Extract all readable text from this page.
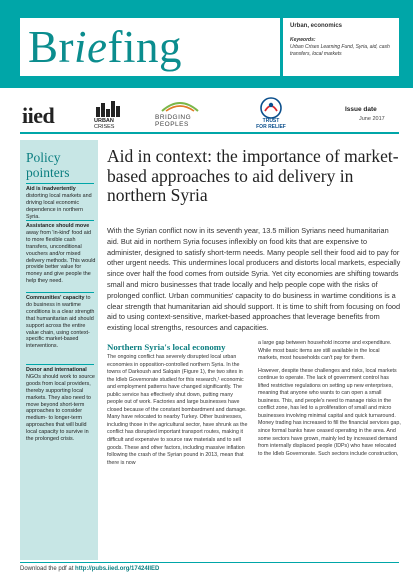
Briefing	Urban, economics
Keywords:
Urban Crises Learning Fund, Syria, aid, cash transfers, local markets
iied	URBAN
CRISES
BRIDGING
PEOPLES	TRUST
FOR RELIEF
Issue date
June 2017
Policy pointers
Aid is inadvertently distorting local markets and driving local economic dependence in northern Syria.
Assistance should move away from 'in-kind' food aid to more flexible cash transfers, unconditional vouchers and/or mixed delivery methods. This would provide better value for money and give people the help they need.
Communities' capacity to do business in wartime conditions is a clear strength that humanitarian aid should support across the entire value chain, using context-specific market-based interventions.
Donor and international NGOs should work to source goods from local providers, thereby supporting local markets. They also need to move beyond short-term approaches to consider medium- to longer-term approaches that will build local capacity to survive in the prolonged crisis.
Aid in context: the importance of market-based approaches to aid delivery in northern Syria
With the Syrian conflict now in its seventh year, 13.5 million Syrians need humanitarian aid. But aid in northern Syria focuses inflexibly on food kits that are expensive to administer, designed to satisfy short-term needs. Many people sell their food aid to pay for other urgent needs. This undermines local producers and distorts local markets, especially since over half the food comes from outside Syria. Yet city economies are shifting towards small and micro businesses that trade locally and help people cope with the risks of prolonged conflict. Urban communities' capacity to do business in wartime conditions is a clear strength that humanitarian aid should support. It is time to shift from focusing on food aid to using context-sensitive, market-based approaches that leverage benefits from existing local strengths, resources and capacities.
Northern Syria's local economy

The ongoing conflict has severely disrupted local urban economies in opposition-controlled northern Syria. In the towns of Darkoush and Salqain (Figure 1), the two sites in the Idleb Governorate studied for this research,¹ economic and employment patterns have changed significantly. The public service has effectively shut down, putting many people out of work. Factories and large businesses have closed because of the constant bombardment and damage. Many have relocated to nearby Turkey. Other businesses, including those in the agricultural sector, have shrunk as the conflict has disrupted important transport routes, making it difficult and expensive to source raw materials and to sell goods. These and other factors, including massive inflation following the crash of the Syrian pound in 2013, mean that there is now

a large gap between household income and expenditure. While most basic items are still available in the local markets, most households can't pay for them.

However, despite these challenges and risks, local markets continue to operate. The lack of government control has lifted restrictive regulations on setting up new enterprises, meaning that anyone who wants to can open a small business. This, and people's need to manage risks in the conflict zone, has led to a proliferation of small and micro businesses involving minimal capital and quick turnaround. Money trading has increased to fill the financial services gap, since formal banks have ceased operating in the area. And some sectors have grown, mainly led by increased demand from internally displaced people (IDPs) who have relocated to the Idleb Governorate. Such sectors include construction,

Download the pdf at http://pubs.iied.org/17424IIED
